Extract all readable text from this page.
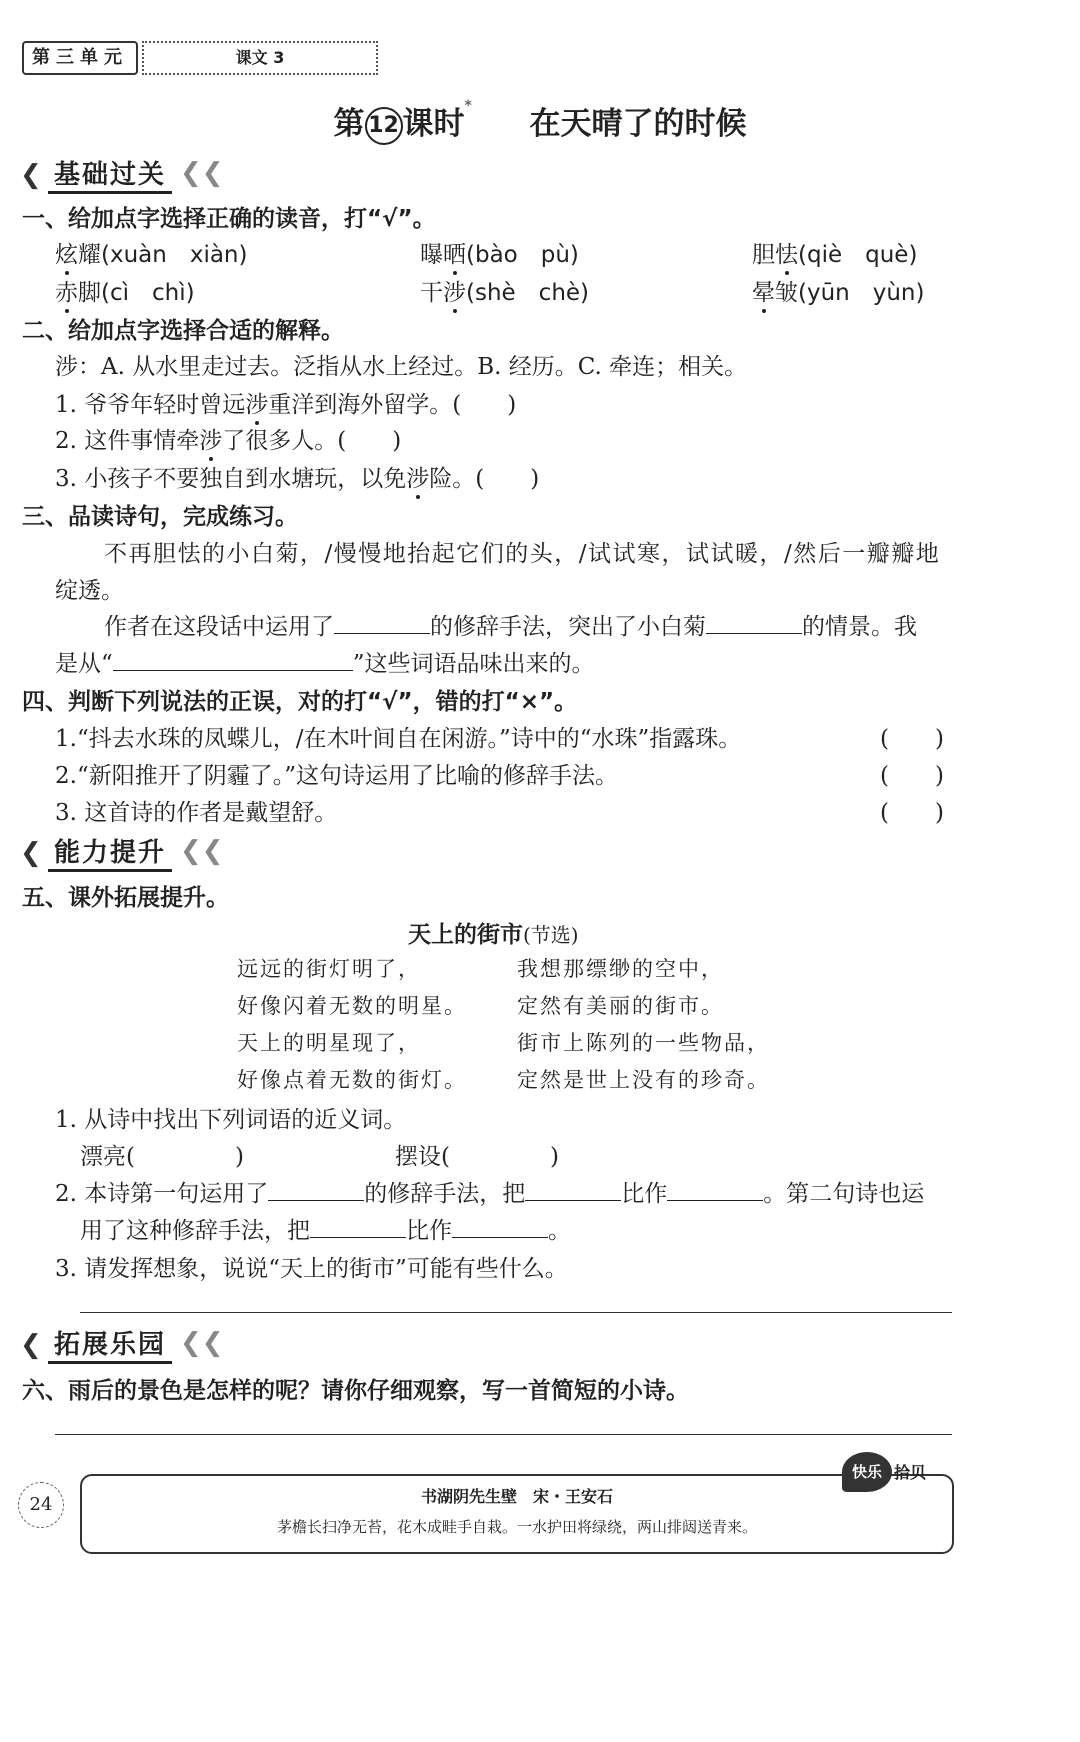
第三单元	课文 3
第 12 课时* 在天晴了的时候
❮ 基础过关 ❮❮
一、给加点字选择正确的读音，打“√”。
炫耀(xuàn　xiàn)	曝晒(bào　pù)	胆怯(qiè　què)
赤脚(cì　chì)	干涉(shè　chè)	晕皱(yūn　yùn)
二、给加点字选择合适的解释。
涉：A. 从水里走过去。泛指从水上经过。B. 经历。C. 牵连；相关。
1. 爷爷年轻时曾远涉重洋到海外留学。(　　)
2. 这件事情牵涉了很多人。(　　)
3. 小孩子不要独自到水塘玩，以免涉险。(　　)
三、品读诗句，完成练习。
不再胆怯的小白菊，/慢慢地抬起它们的头，/试试寒，试试暖，/然后一瓣瓣地
绽透。
作者在这段话中运用了	的修辞手法，突出了小白菊	的情景。我
是从“	”这些词语品味出来的。
四、判断下列说法的正误，对的打“√”，错的打“×”。
1.“抖去水珠的凤蝶儿，/在木叶间自在闲游。”诗中的“水珠”指露珠。	(　　)
2.“新阳推开了阴霾了。”这句诗运用了比喻的修辞手法。	(　　)
3. 这首诗的作者是戴望舒。	(　　)
❮ 能力提升 ❮❮
五、课外拓展提升。
天上的街市(节选)
远远的街灯明了，
好像闪着无数的明星。
天上的明星现了，
好像点着无数的街灯。
我想那缥缈的空中，
定然有美丽的街市。
街市上陈列的一些物品，
定然是世上没有的珍奇。
1. 从诗中找出下列词语的近义词。
漂亮(	)	摆设(	)
2. 本诗第一句运用了	的修辞手法，把	比作	。第二句诗也运
用了这种修辞手法，把	比作	。
3. 请发挥想象，说说“天上的街市”可能有些什么。
❮ 拓展乐园 ❮❮
六、雨后的景色是怎样的呢？请你仔细观察，写一首简短的小诗。
24	书湖阴先生壁　宋・王安石
茅檐长扫净无苔，花木成畦手自栽。一水护田将绿绕，两山排闼送青来。
快乐 拾贝
